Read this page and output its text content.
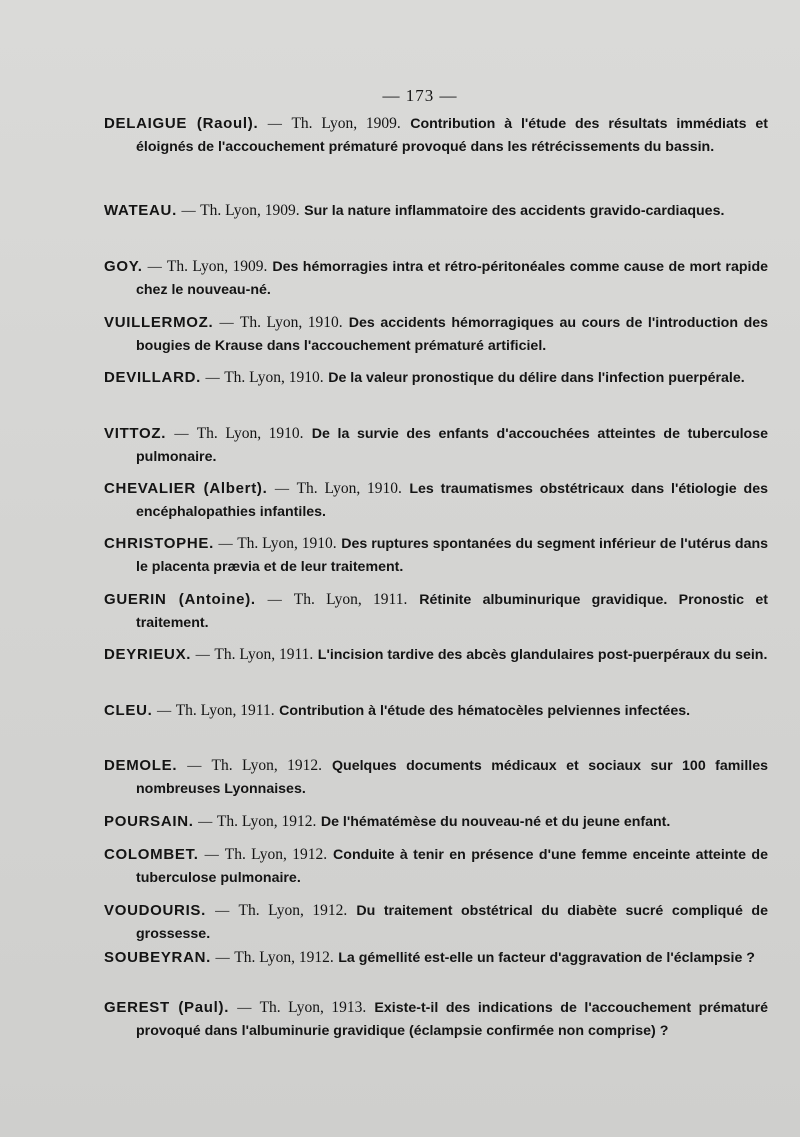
— 173 —

DELAIGUE (Raoul). — Th. Lyon, 1909. Contribution à l'étude des résultats immédiats et éloignés de l'accouchement prématuré provoqué dans les rétrécissements du bassin.

WATEAU. — Th. Lyon, 1909. Sur la nature inflammatoire des accidents gravido-cardiaques.

GOY. — Th. Lyon, 1909. Des hémorragies intra et rétro-péritonéales comme cause de mort rapide chez le nouveau-né.

VUILLERMOZ. — Th. Lyon, 1910. Des accidents hémorragiques au cours de l'introduction des bougies de Krause dans l'accouchement prématuré artificiel.

DEVILLARD. — Th. Lyon, 1910. De la valeur pronostique du délire dans l'infection puerpérale.

VITTOZ. — Th. Lyon, 1910. De la survie des enfants d'accouchées atteintes de tuberculose pulmonaire.

CHEVALIER (Albert). — Th. Lyon, 1910. Les traumatismes obstétricaux dans l'étiologie des encéphalopathies infantiles.

CHRISTOPHE. — Th. Lyon, 1910. Des ruptures spontanées du segment inférieur de l'utérus dans le placenta prævia et de leur traitement.

GUERIN (Antoine). — Th. Lyon, 1911. Rétinite albuminurique gravidique. Pronostic et traitement.

DEYRIEUX. — Th. Lyon, 1911. L'incision tardive des abcès glandulaires post-puerpéraux du sein.

CLEU. — Th. Lyon, 1911. Contribution à l'étude des hématocèles pelviennes infectées.

DEMOLE. — Th. Lyon, 1912. Quelques documents médicaux et sociaux sur 100 familles nombreuses Lyonnaises.

POURSAIN. — Th. Lyon, 1912. De l'hématémèse du nouveau-né et du jeune enfant.

COLOMBET. — Th. Lyon, 1912. Conduite à tenir en présence d'une femme enceinte atteinte de tuberculose pulmonaire.

VOUDOURIS. — Th. Lyon, 1912. Du traitement obstétrical du diabète sucré compliqué de grossesse.

SOUBEYRAN. — Th. Lyon, 1912. La gémellité est-elle un facteur d'aggravation de l'éclampsie ?

GEREST (Paul). — Th. Lyon, 1913. Existe-t-il des indications de l'accouchement prématuré provoqué dans l'albuminurie gravidique (éclampsie confirmée non comprise) ?
